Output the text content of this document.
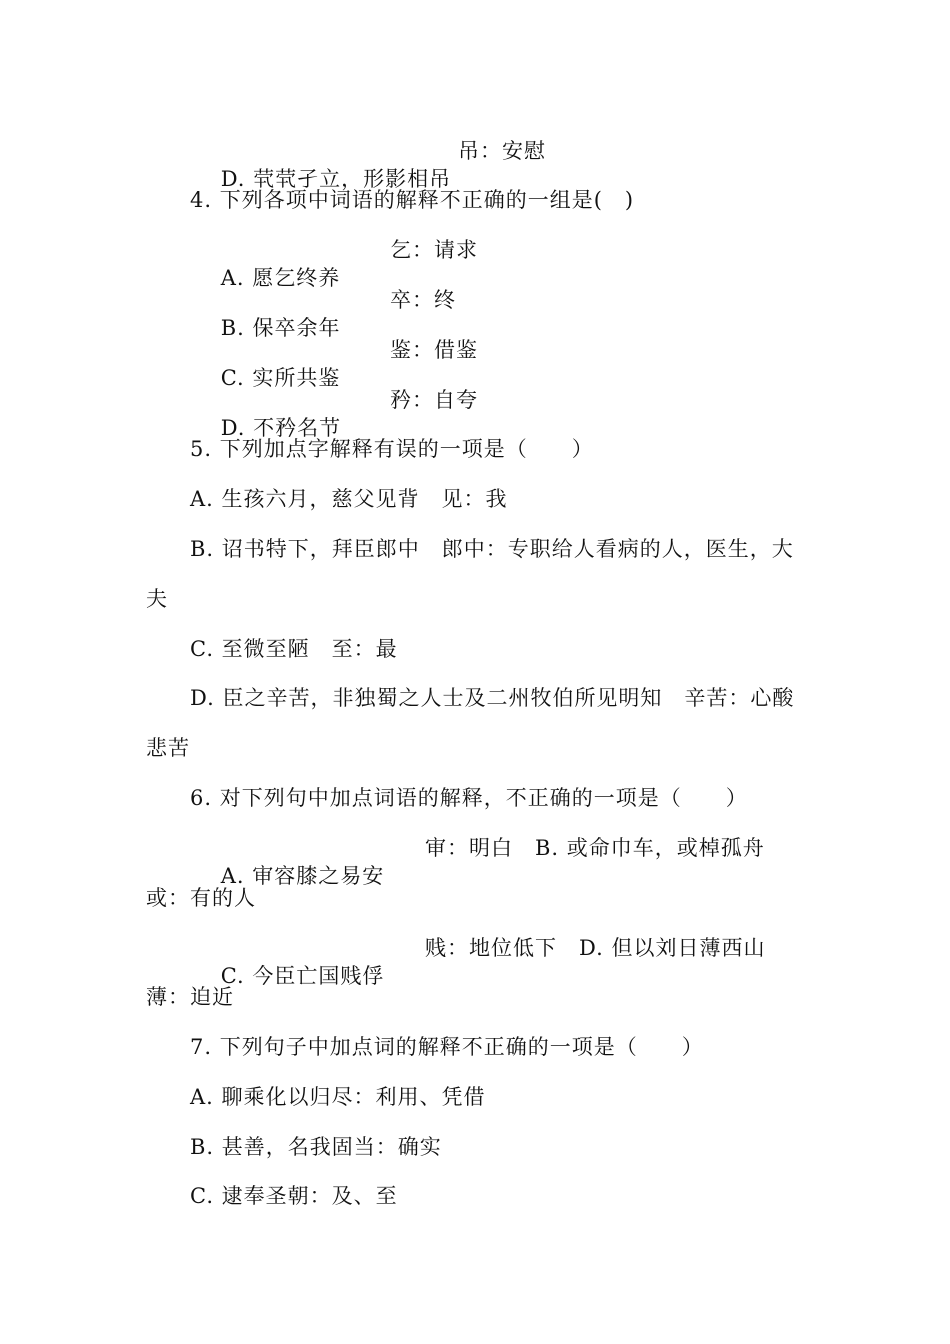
D. 茕茕孑立，形影相吊

吊：安慰

4. 下列各项中词语的解释不正确的一组是(　)

A. 愿乞终养

乞：请求

B. 保卒余年

卒：终

C. 实所共鉴

鉴：借鉴

D. 不矜名节

矜：自夸

5. 下列加点字解释有误的一项是（　　）
A. 生孩六月，慈父见背　见：我
B. 诏书特下，拜臣郎中　郎中：专职给人看病的人，医生，大
夫
C. 至微至陋　至：最
D. 臣之辛苦，非独蜀之人士及二州牧伯所见明知　辛苦：心酸
悲苦
6. 对下列句中加点词语的解释，不正确的一项是（　　）

A. 审容膝之易安

审：明白　B. 或命巾车，或棹孤舟

或：有的人

C. 今臣亡国贱俘

贱：地位低下　D. 但以刘日薄西山

薄：迫近
7. 下列句子中加点词的解释不正确的一项是（　　）
A. 聊乘化以归尽：利用、凭借
B. 甚善，名我固当：确实
C. 逮奉圣朝：及、至
